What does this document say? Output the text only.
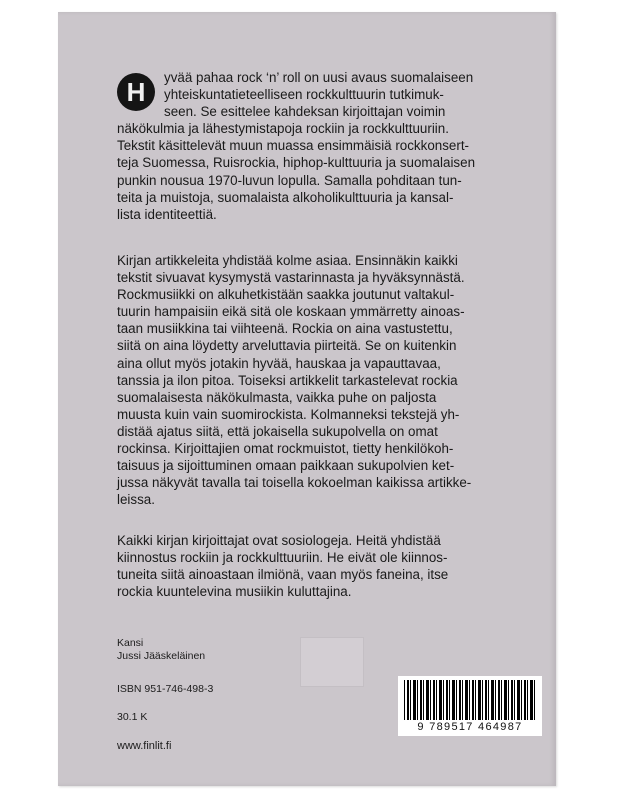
H	yvää pahaa rock ‘n’ roll on uusi avaus suomalaiseen
yhteiskuntatieteelliseen rockkulttuurin tutkimuk-
seen. Se esittelee kahdeksan kirjoittajan voimin
näkökulmia ja lähestymistapoja rockiin ja rockkulttuuriin.
Tekstit käsittelevät muun muassa ensimmäisiä rockkonsert-
teja Suomessa, Ruisrockia, hiphop-kulttuuria ja suomalaisen
punkin nousua 1970-luvun lopulla. Samalla pohditaan tun-
teita ja muistoja, suomalaista alkoholikulttuuria ja kansal-
lista identiteettiä.
Kirjan artikkeleita yhdistää kolme asiaa. Ensinnäkin kaikki
tekstit sivuavat kysymystä vastarinnasta ja hyväksynnästä.
Rockmusiikki on alkuhetkistään saakka joutunut valtakul-
tuurin hampaisiin eikä sitä ole koskaan ymmärretty ainoas-
taan musiikkina tai viihteenä. Rockia on aina vastustettu,
siitä on aina löydetty arveluttavia piirteitä. Se on kuitenkin
aina ollut myös jotakin hyvää, hauskaa ja vapauttavaa,
tanssia ja ilon pitoa. Toiseksi artikkelit tarkastelevat rockia
suomalaisesta näkökulmasta, vaikka puhe on paljosta
muusta kuin vain suomirockista. Kolmanneksi tekstejä yh-
distää ajatus siitä, että jokaisella sukupolvella on omat
rockinsa. Kirjoittajien omat rockmuistot, tietty henkilökoh-
taisuus ja sijoittuminen omaan paikkaan sukupolvien ket-
jussa näkyvät tavalla tai toisella kokoelman kaikissa artikke-
leissa.
Kaikki kirjan kirjoittajat ovat sosiologeja. Heitä yhdistää
kiinnostus rockiin ja rockkulttuuriin. He eivät ole kiinnos-
tuneita siitä ainoastaan ilmiönä, vaan myös faneina, itse
rockia kuuntelevina musiikin kuluttajina.
Kansi
Jussi Jääskeläinen
ISBN 951-746-498-3
30.1 K
www.finlit.fi
9 789517 464987
